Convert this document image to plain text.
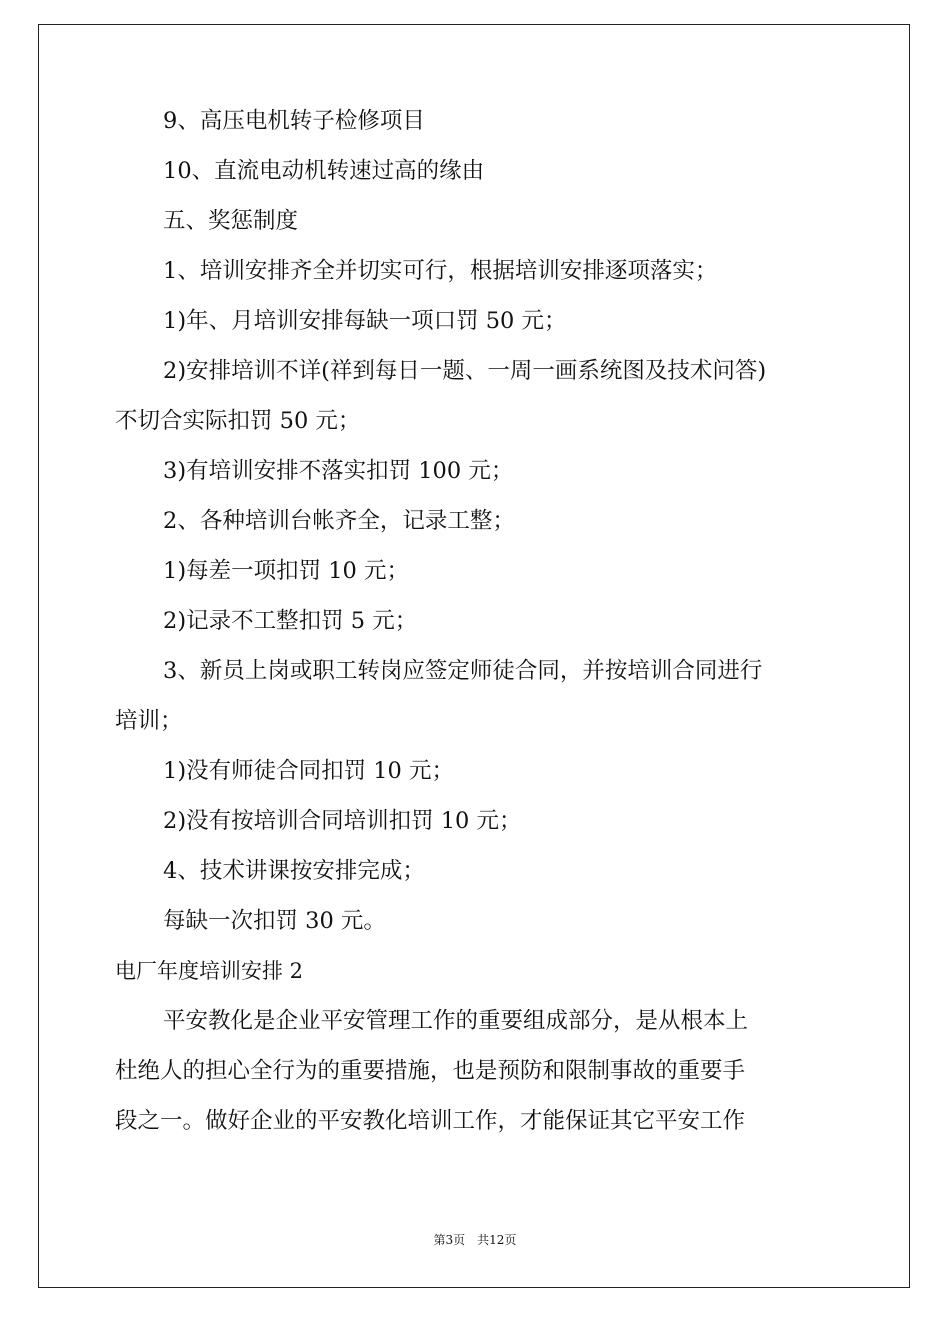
9、高压电机转子检修项目
10、直流电动机转速过高的缘由
五、奖惩制度
1、培训安排齐全并切实可行，根据培训安排逐项落实；
1)年、月培训安排每缺一项口罚 50 元；
2)安排培训不详(祥到每日一题、一周一画系统图及技术问答)
不切合实际扣罚 50 元；
3)有培训安排不落实扣罚 100 元；
2、各种培训台帐齐全，记录工整；
1)每差一项扣罚 10 元；
2)记录不工整扣罚 5 元；
3、新员上岗或职工转岗应签定师徒合同，并按培训合同进行
培训；
1)没有师徒合同扣罚 10 元；
2)没有按培训合同培训扣罚 10 元；
4、技术讲课按安排完成；
每缺一次扣罚 30 元。
电厂年度培训安排 2
平安教化是企业平安管理工作的重要组成部分，是从根本上
杜绝人的担心全行为的重要措施，也是预防和限制事故的重要手
段之一。做好企业的平安教化培训工作，才能保证其它平安工作
第3页 共12页
